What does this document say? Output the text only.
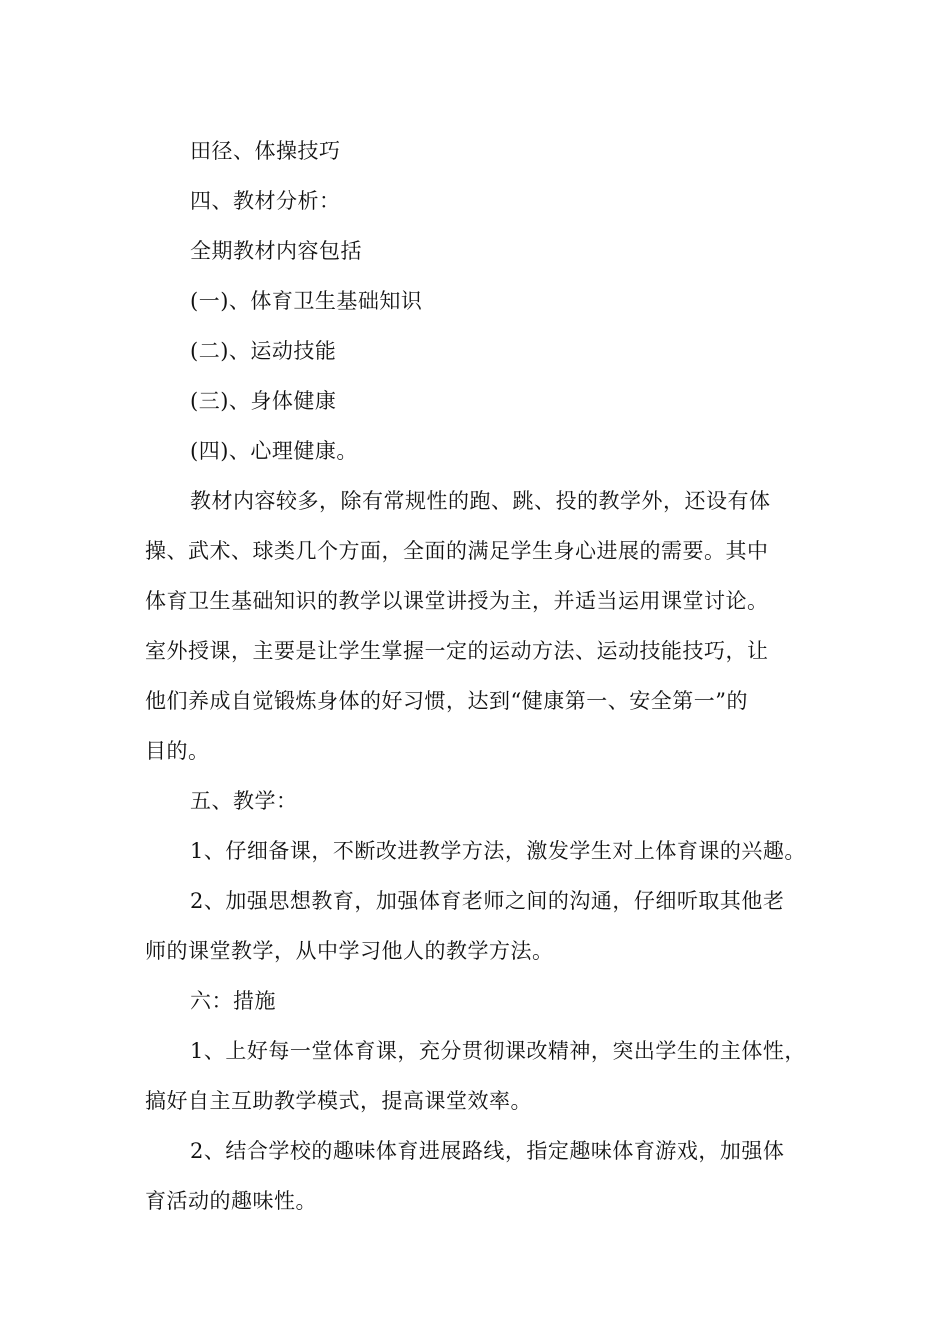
田径、体操技巧
四、教材分析：
全期教材内容包括
(一)、体育卫生基础知识
(二)、运动技能
(三)、身体健康
(四)、心理健康。
教材内容较多，除有常规性的跑、跳、投的教学外，还设有体
操、武术、球类几个方面，全面的满足学生身心进展的需要。其中
体育卫生基础知识的教学以课堂讲授为主，并适当运用课堂讨论。
室外授课，主要是让学生掌握一定的运动方法、运动技能技巧，让
他们养成自觉锻炼身体的好习惯，达到“健康第一、安全第一”的
目的。
五、教学：
1、仔细备课，不断改进教学方法，激发学生对上体育课的兴趣。
2、加强思想教育，加强体育老师之间的沟通，仔细听取其他老
师的课堂教学，从中学习他人的教学方法。
六：措施
1、上好每一堂体育课，充分贯彻课改精神，突出学生的主体性，
搞好自主互助教学模式，提高课堂效率。
2、结合学校的趣味体育进展路线，指定趣味体育游戏，加强体
育活动的趣味性。
